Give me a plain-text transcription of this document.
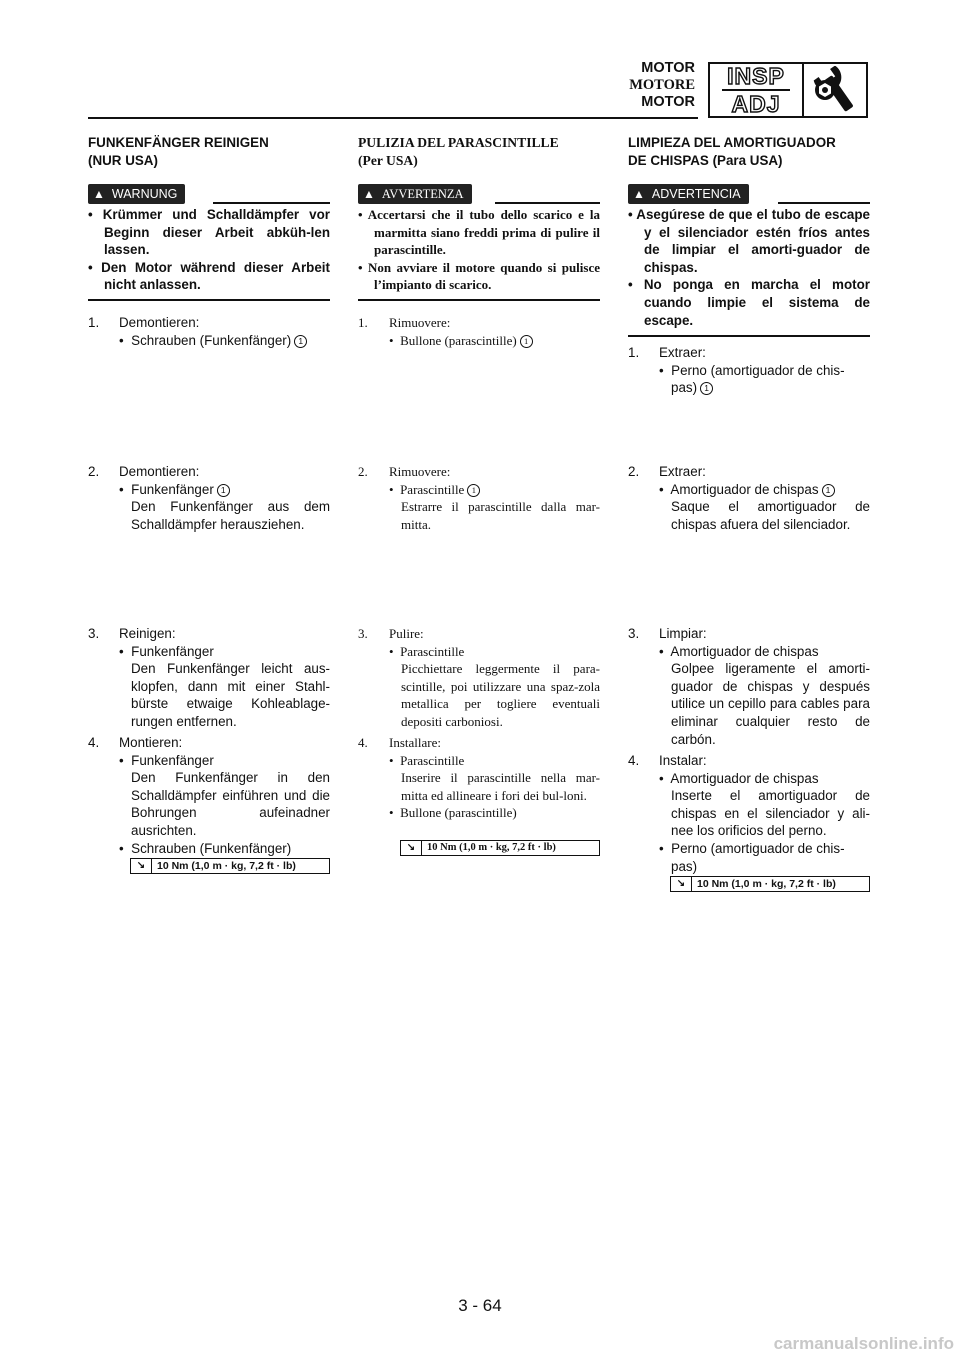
MOTOR
MOTORE
MOTOR
INSP
ADJ
FUNKENFÄNGER REINIGEN
(NUR USA)
▲ WARNUNG
• Krümmer und Schalldämpfer vor Beginn dieser Arbeit abküh-len lassen.
• Den Motor während dieser Arbeit nicht anlassen.
1.	Demontieren:
•  Schrauben (Funkenfänger) 1
2.	Demontieren:
•  Funkenfänger 1
Den Funkenfänger aus dem Schalldämpfer herausziehen.
3.	Reinigen:
•  Funkenfänger
Den Funkenfänger leicht aus-klopfen, dann mit einer Stahl-bürste etwaige Kohleablage-rungen entfernen.
4.	Montieren:
•  Funkenfänger
Den Funkenfänger in den Schalldämpfer einführen und die Bohrungen aufeinadner ausrichten.
•  Schrauben (Funkenfänger)
↘	10 Nm (1,0 m · kg, 7,2 ft · lb)
PULIZIA DEL PARASCINTILLE
(Per USA)
▲ AVVERTENZA
• Accertarsi che il tubo dello scarico e la marmitta siano freddi prima di pulire il parascintille.
• Non avviare il motore quando si pulisce l’impianto di scarico.
1.	Rimuovere:
•  Bullone (parascintille) 1
2.	Rimuovere:
•  Parascintille 1
Estrarre il parascintille dalla mar-mitta.
3.	Pulire:
•  Parascintille
Picchiettare leggermente il para-scintille, poi utilizzare una spaz-zola metallica per togliere eventuali depositi carboniosi.
4.	Installare:
•  Parascintille
Inserire il parascintille nella mar-mitta ed allineare i fori dei bul-loni.
•  Bullone (parascintille)
↘	10 Nm (1,0 m · kg, 7,2 ft · lb)
LIMPIEZA DEL AMORTIGUADOR
DE CHISPAS (Para USA)
▲ ADVERTENCIA
• Asegúrese de que el tubo de escape y el silenciador estén fríos antes de limpiar el amorti-guador de chispas.
• No ponga en marcha el motor cuando limpie el sistema de escape.
1.	Extraer:
•  Perno (amortiguador de chis-pas) 1
2.	Extraer:
•  Amortiguador de chispas 1
Saque el amortiguador de chispas afuera del silenciador.
3.	Limpiar:
•  Amortiguador de chispas
Golpee ligeramente el amorti-guador de chispas y después utilice un cepillo para cables para eliminar cualquier resto de carbón.
4.	Instalar:
•  Amortiguador de chispas
Inserte el amortiguador de chispas en el silenciador y ali-nee los orificios del perno.
•  Perno (amortiguador de chis-pas)
↘	10 Nm (1,0 m · kg, 7,2 ft · lb)
3 - 64
carmanualsonline.info
